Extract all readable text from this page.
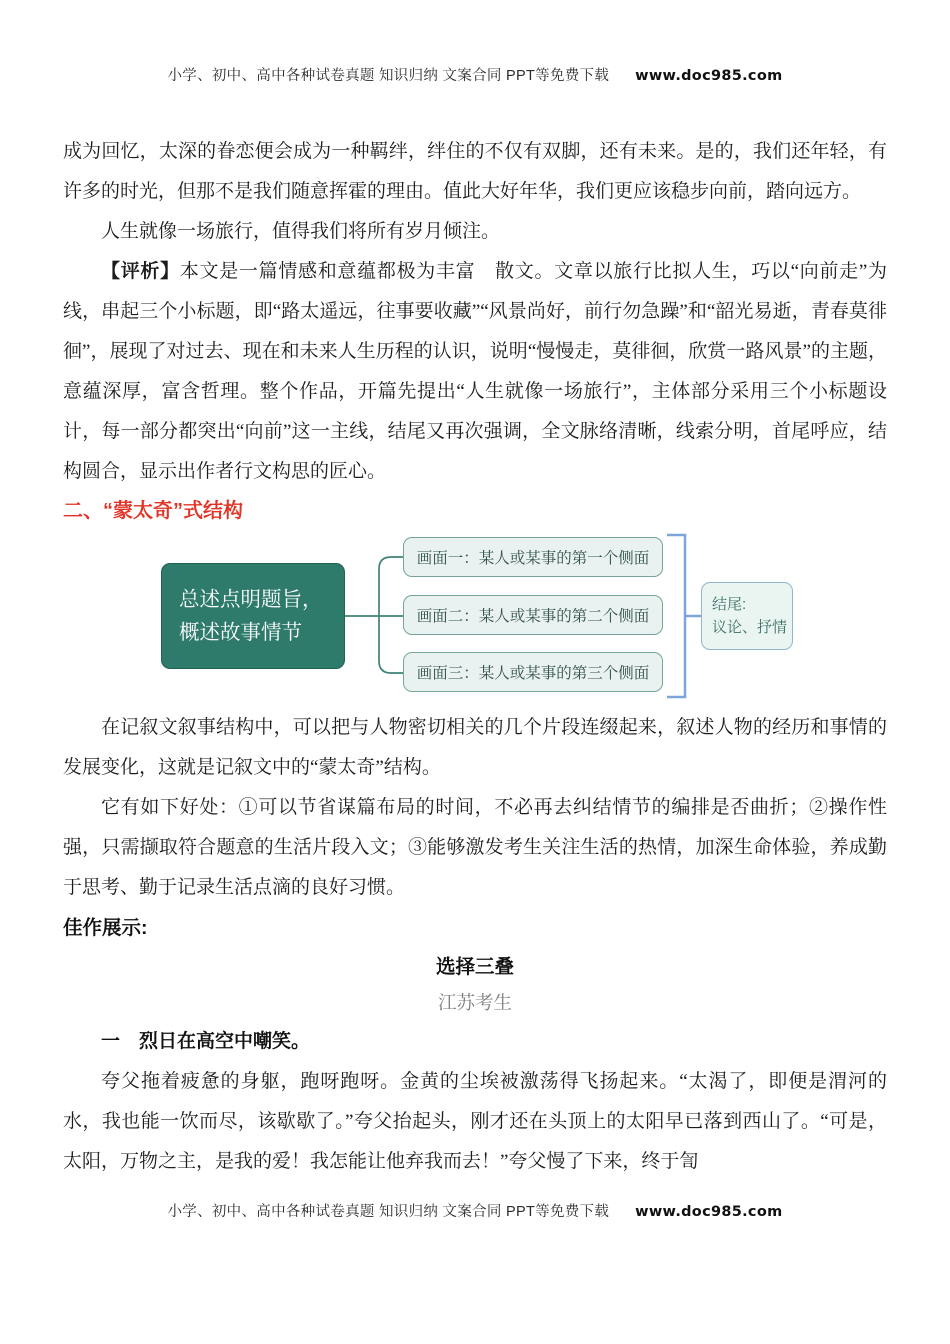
小学、初中、高中各种试卷真题 知识归纳 文案合同 PPT等免费下载 www.doc985.com

成为回忆，太深的眷恋便会成为一种羁绊，绊住的不仅有双脚，还有未来。是的，我们还年轻，有许多的时光，但那不是我们随意挥霍的理由。值此大好年华，我们更应该稳步向前，踏向远方。

人生就像一场旅行，值得我们将所有岁月倾注。

【评析】本文是一篇情感和意蕴都极为丰富　散文。文章以旅行比拟人生，巧以“向前走”为线，串起三个小标题，即“路太遥远，往事要收藏”“风景尚好，前行勿急躁”和“韶光易逝，青春莫徘徊”，展现了对过去、现在和未来人生历程的认识，说明“慢慢走，莫徘徊，欣赏一路风景”的主题，意蕴深厚，富含哲理。整个作品，开篇先提出“人生就像一场旅行”，主体部分采用三个小标题设计，每一部分都突出“向前”这一主线，结尾又再次强调，全文脉络清晰，线索分明，首尾呼应，结构圆合，显示出作者行文构思的匠心。

二、“蒙太奇”式结构
总述点明题旨，
概述故事情节
画面一：某人或某事的第一个侧面
画面二：某人或某事的第二个侧面
画面三：某人或某事的第三个侧面
结尾:
议论、抒情

在记叙文叙事结构中，可以把与人物密切相关的几个片段连缀起来，叙述人物的经历和事情的发展变化，这就是记叙文中的“蒙太奇”结构。

它有如下好处：①可以节省谋篇布局的时间，不必再去纠结情节的编排是否曲折；②操作性强，只需撷取符合题意的生活片段入文；③能够激发考生关注生活的热情，加深生命体验，养成勤于思考、勤于记录生活点滴的良好习惯。

佳作展示:
选择三叠
江苏考生

一　烈日在高空中嘲笑。

夸父拖着疲惫的身躯，跑呀跑呀。金黄的尘埃被激荡得飞扬起来。“太渴了，即便是渭河的水，我也能一饮而尽，该歇歇了。”夸父抬起头，刚才还在头顶上的太阳早已落到西山了。“可是，太阳，万物之主，是我的爱！我怎能让他弃我而去！”夸父慢了下来，终于訇

小学、初中、高中各种试卷真题 知识归纳 文案合同 PPT等免费下载 www.doc985.com
